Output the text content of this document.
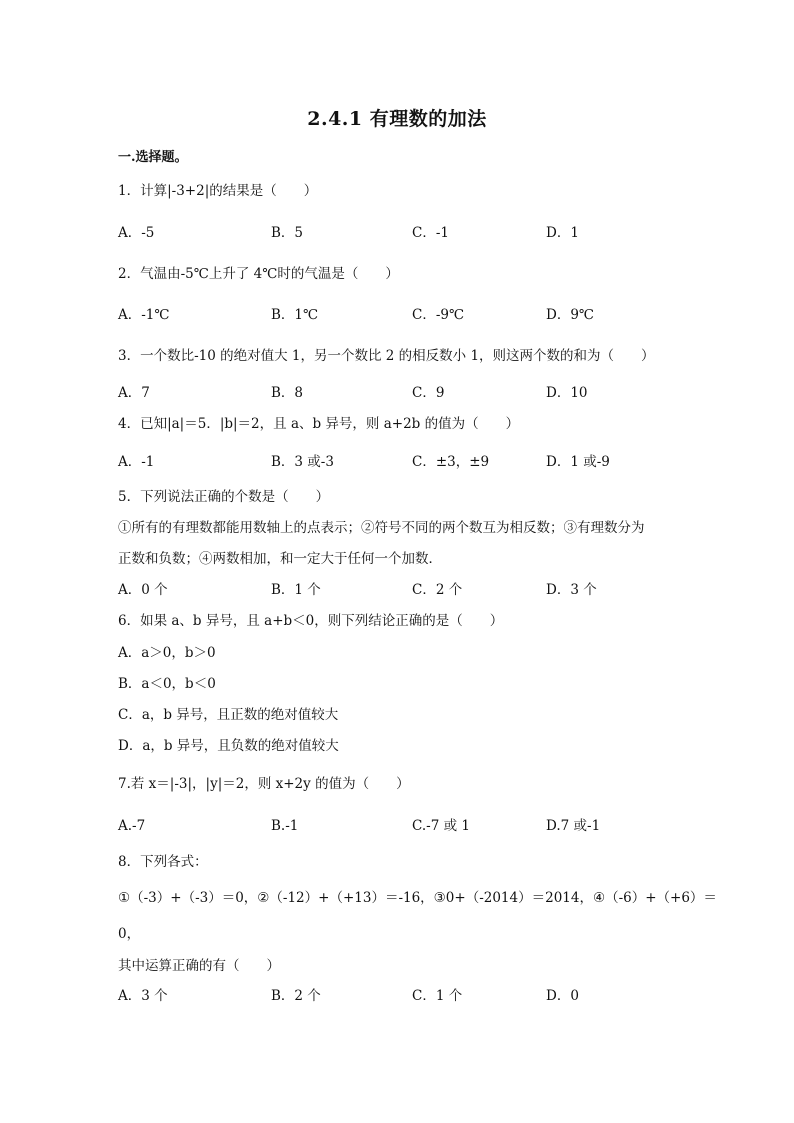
2.4.1 有理数的加法
一.选择题。
1．计算|-3+2|的结果是（　　）
A．-5	B．5	C．-1	D．1
2．气温由-5℃上升了 4℃时的气温是（　　）
A．-1℃	B．1℃	C．-9℃	D．9℃
3．一个数比-10 的绝对值大 1，另一个数比 2 的相反数小 1，则这两个数的和为（　　）
A．7	B．8	C．9	D．10
4．已知|a|＝5．|b|＝2，且 a、b 异号，则 a+2b 的值为（　　）
A．-1	B．3 或-3	C．±3，±9	D．1 或-9
5．下列说法正确的个数是（　　）
①所有的有理数都能用数轴上的点表示；②符号不同的两个数互为相反数；③有理数分为
正数和负数；④两数相加，和一定大于任何一个加数．
A．0 个	B．1 个	C．2 个	D．3 个
6．如果 a、b 异号，且 a+b＜0，则下列结论正确的是（　　）
A．a＞0，b＞0
B．a＜0，b＜0
C．a，b 异号，且正数的绝对值较大
D．a，b 异号，且负数的绝对值较大
7.若 x＝|-3|，|y|＝2，则 x+2y 的值为（　　）
A.-7	B.-1	C.-7 或 1	D.7 或-1
8．下列各式：
①（-3）+（-3）＝0，②（-12）+（+13）＝-16，③0+（-2014）＝2014，④（-6）+（+6）＝
0，
其中运算正确的有（　　）
A．3 个	B．2 个	C．1 个	D．0
